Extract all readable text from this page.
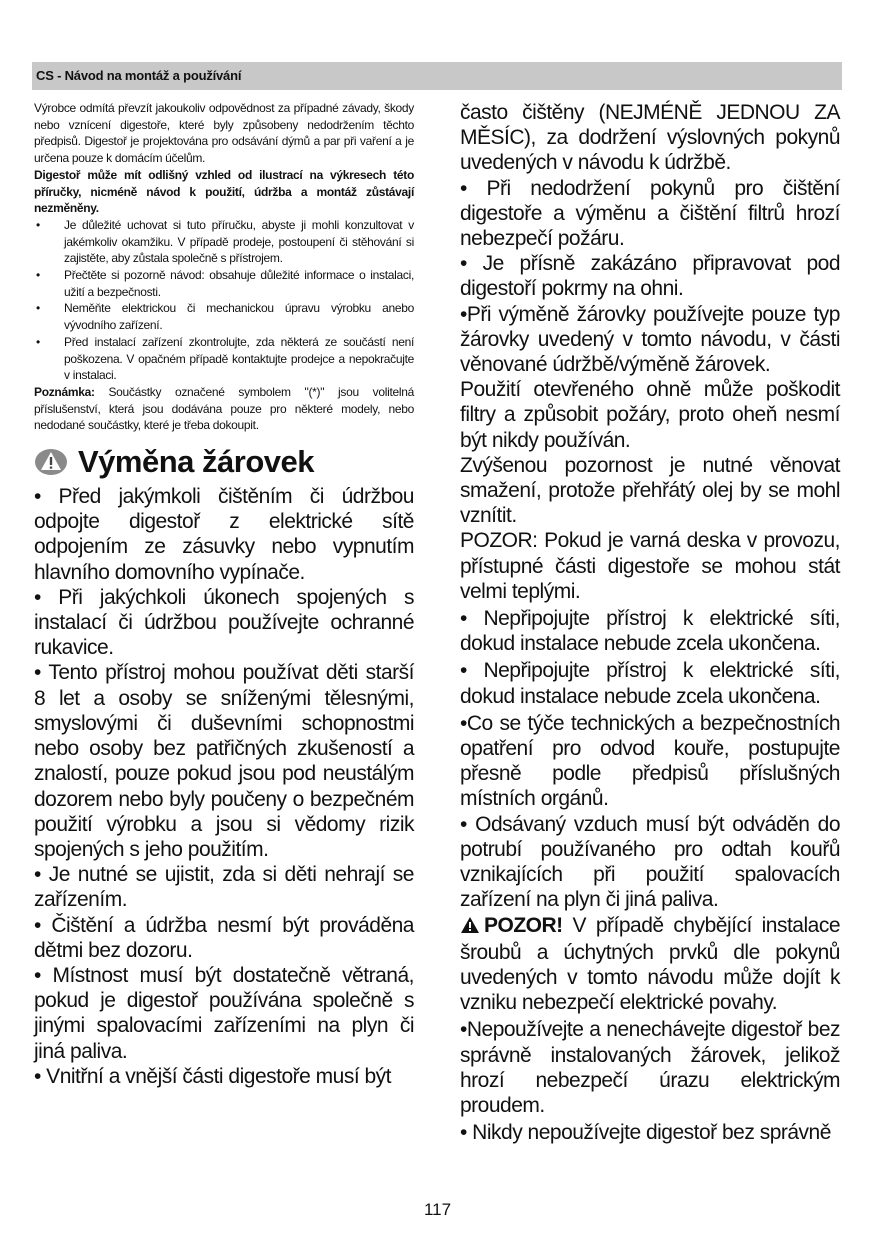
CS - Návod na montáž a používání

Výrobce odmítá převzít jakoukoliv odpovědnost za případné závady, škody nebo vznícení digestoře, které byly způsobeny nedodržením těchto předpisů. Digestoř je projektována pro odsávání dýmů a par při vaření a je určena pouze k domácím účelům.

Digestoř může mít odlišný vzhled od ilustrací na výkresech této příručky, nicméně návod k použití, údržba a montáž zůstávají nezměněny.

• Je důležité uchovat si tuto příručku, abyste ji mohli konzultovat v jakémkoliv okamžiku. V případě prodeje, postoupení či stěhování si zajistěte, aby zůstala společně s přístrojem.
• Přečtěte si pozorně návod: obsahuje důležité informace o instalaci, užití a bezpečnosti.
• Neměňte elektrickou či mechanickou úpravu výrobku anebo vývodního zařízení.
• Před instalací zařízení zkontrolujte, zda některá ze součástí není poškozena. V opačném případě kontaktujte prodejce a nepokračujte v instalaci.

Poznámka: Součástky označené symbolem "(*)" jsou volitelná příslušenství, která jsou dodávána pouze pro některé modely, nebo nedodané součástky, které je třeba dokoupit.

Výměna žárovek

• Před jakýmkoli čištěním či údržbou odpojte digestoř z elektrické sítě odpojením ze zásuvky nebo vypnutím hlavního domovního vypínače.

• Při jakýchkoli úkonech spojených s instalací či údržbou používejte ochranné rukavice.

• Tento přístroj mohou používat děti starší 8 let a osoby se sníženými tělesnými, smyslovými či duševními schopnostmi nebo osoby bez patřičných zkušeností a znalostí, pouze pokud jsou pod neustálým dozorem nebo byly poučeny o bezpečném použití výrobku a jsou si vědomy rizik spojených s jeho použitím.

• Je nutné se ujistit, zda si děti nehrají se zařízením.

• Čištění a údržba nesmí být prováděna dětmi bez dozoru.

• Místnost musí být dostatečně větraná, pokud je digestoř používána společně s jinými spalovacími zařízeními na plyn či jiná paliva.

• Vnitřní a vnější části digestoře musí být

často čištěny (NEJMÉNĚ JEDNOU ZA MĚSÍC), za dodržení výslovných pokynů uvedených v návodu k údržbě.

• Při nedodržení pokynů pro čištění digestoře a výměnu a čištění filtrů hrozí nebezpečí požáru.

• Je přísně zakázáno připravovat pod digestoří pokrmy na ohni.

•Při výměně žárovky používejte pouze typ žárovky uvedený v tomto návodu, v části věnované údržbě/výměně žárovek.

Použití otevřeného ohně může poškodit filtry a způsobit požáry, proto oheň nesmí být nikdy používán.

Zvýšenou pozornost je nutné věnovat smažení, protože přehřátý olej by se mohl vznítit.

POZOR: Pokud je varná deska v provozu, přístupné části digestoře se mohou stát velmi teplými.

• Nepřipojujte přístroj k elektrické síti, dokud instalace nebude zcela ukončena.

• Nepřipojujte přístroj k elektrické síti, dokud instalace nebude zcela ukončena.

•Co se týče technických a bezpečnostních opatření pro odvod kouře, postupujte přesně podle předpisů příslušných místních orgánů.

• Odsávaný vzduch musí být odváděn do potrubí používaného pro odtah kouřů vznikajících při použití spalovacích zařízení na plyn či jiná paliva.

POZOR! V případě chybějící instalace šroubů a úchytných prvků dle pokynů uvedených v tomto návodu může dojít k vzniku nebezpečí elektrické povahy.

•Nepoužívejte a nenechávejte digestoř bez správně instalovaných žárovek, jelikož hrozí nebezpečí úrazu elektrickým proudem.

• Nikdy nepoužívejte digestoř bez správně

117
